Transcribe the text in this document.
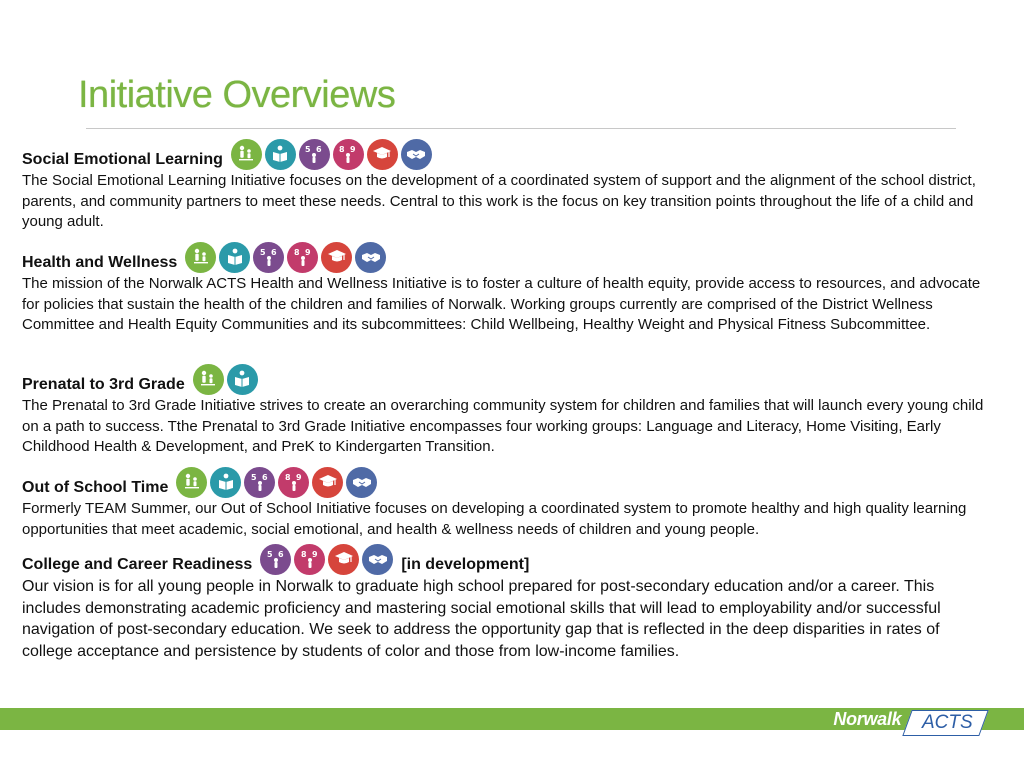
Initiative Overviews
Social Emotional Learning
5 6 8 9
The Social Emotional Learning Initiative focuses on the development of a coordinated system of support and the alignment of the school district, parents, and community partners to meet these needs. Central to this work is the focus on key transition points throughout the life of a child and young adult.
Health and Wellness
5 6 8 9
The mission of the Norwalk ACTS Health and Wellness Initiative is to foster a culture of health equity, provide access to resources, and advocate for policies that sustain the health of the children and families of Norwalk. Working groups currently are comprised of the District Wellness Committee and Health Equity Communities and its subcommittees: Child Wellbeing, Healthy Weight and Physical Fitness Subcommittee.
Prenatal to 3rd Grade
The Prenatal to 3rd Grade Initiative strives to create an overarching community system for children and families that will launch every young child on a path to success. Tthe Prenatal to 3rd Grade Initiative encompasses four working groups: Language and Literacy, Home Visiting, Early Childhood Health & Development, and PreK to Kindergarten Transition.
Out of School Time
5 6 8 9
Formerly TEAM Summer, our Out of School Initiative focuses on developing a coordinated system to promote healthy and high quality learning opportunities that meet academic, social emotional, and health & wellness needs of children and young people.
College and Career Readiness
5 6 8 9
[in development]
Our vision is for all young people in Norwalk to graduate high school prepared for post-secondary education and/or a career. This includes demonstrating academic proficiency and mastering social emotional skills that will lead to employability and/or successful navigation of post-secondary education. We seek to address the opportunity gap that is reflected in the deep disparities in rates of college acceptance and persistence by students of color and those from low-income families.
Norwalk	ACTS
